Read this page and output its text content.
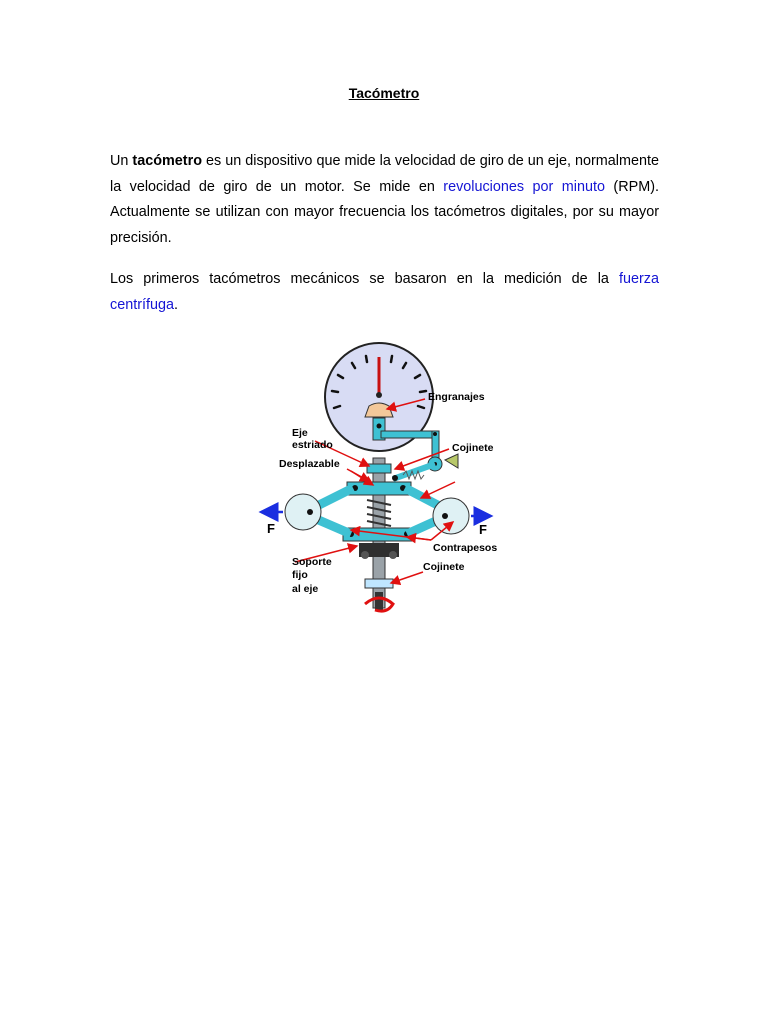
Tacómetro
Un tacómetro es un dispositivo que mide la velocidad de giro de un eje, normalmente la velocidad de giro de un motor. Se mide en revoluciones por minuto (RPM). Actualmente se utilizan con mayor frecuencia los tacómetros digitales, por su mayor precisión.
Los primeros tacómetros mecánicos se basaron en la medición de la fuerza centrífuga.
Engranajes
Eje
estriado	Cojinete
Desplazable
F	F
Contrapesos
Soporte
fijo
al eje
Cojinete
